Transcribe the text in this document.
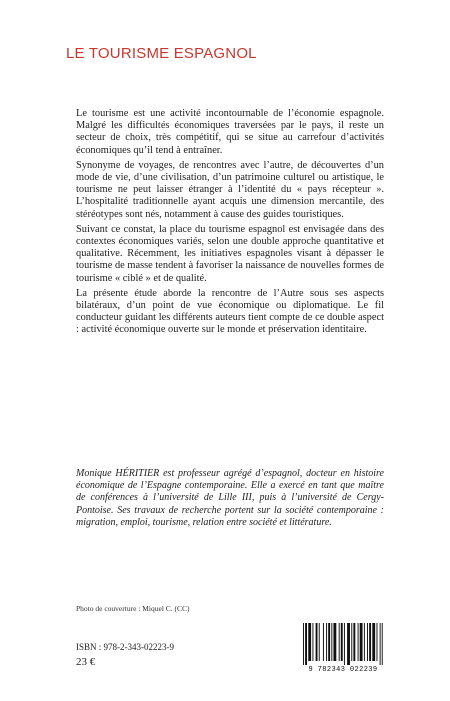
LE TOURISME ESPAGNOL

Le tourisme est une activité incontournable de l’économie espagnole. Malgré les difficultés économiques traversées par le pays, il reste un secteur de choix, très compétitif, qui se situe au carrefour d’activités économiques qu’il tend à entraîner.

Synonyme de voyages, de rencontres avec l’autre, de découvertes d’un mode de vie, d’une civilisation, d’un patrimoine culturel ou artistique, le tourisme ne peut laisser étranger à l’identité du « pays récepteur ». L’hospitalité traditionnelle ayant acquis une dimension mercantile, des stéréotypes sont nés, notamment à cause des guides touristiques.

Suivant ce constat, la place du tourisme espagnol est envisagée dans des contextes économiques variés, selon une double approche quantitative et qualitative. Récemment, les initiatives espagnoles visant à dépasser le tourisme de masse tendent à favoriser la naissance de nouvelles formes de tourisme « ciblé » et de qualité.

La présente étude aborde la rencontre de l’Autre sous ses aspects bilatéraux, d’un point de vue économique ou diplomatique. Le fil conducteur guidant les différents auteurs tient compte de ce double aspect : activité économique ouverte sur le monde et préservation identitaire.

Monique HÉRITIER est professeur agrégé d’espagnol, docteur en histoire économique de l’Espagne contemporaine. Elle a exercé en tant que maître de conférences à l’université de Lille III, puis à l’université de Cergy-Pontoise. Ses travaux de recherche portent sur la société contemporaine : migration, emploi, tourisme, relation entre société et littérature.

Photo de couverture : Miquel C. (CC)
ISBN : 978-2-343-02223-9
23 €
9 782343 022239
